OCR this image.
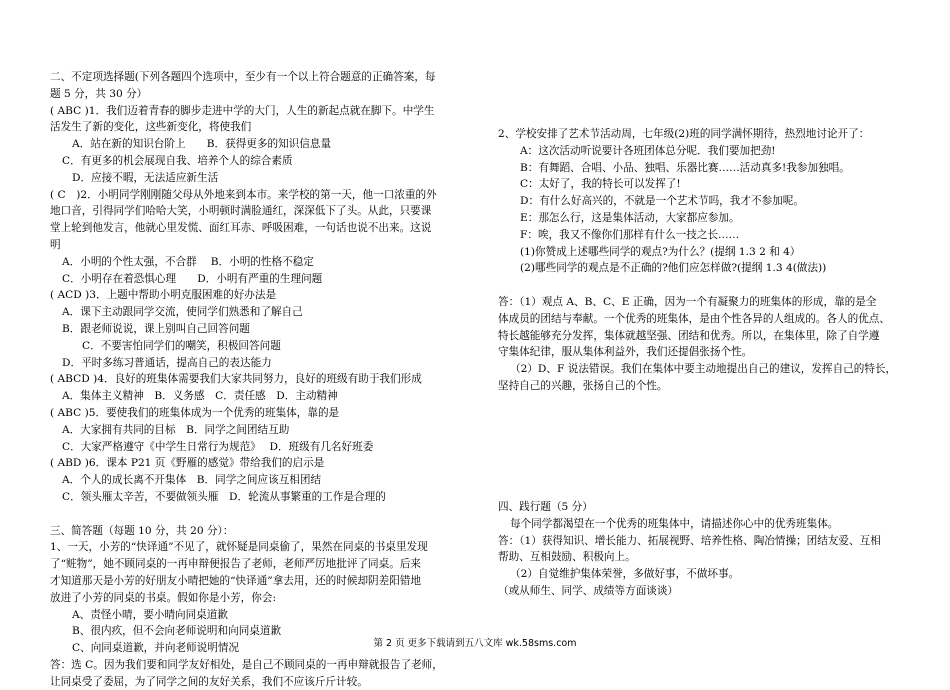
二、不定项选择题(下列各题四个选项中，至少有一个以上符合题意的正确答案，每
题 5 分，共 30 分）
( ABC )1．我们迈着青春的脚步走进中学的大门，人生的新起点就在脚下。中学生
活发生了新的变化，这些新变化，将使我们
A．站在新的知识台阶上　　B．获得更多的知识信息量
C．有更多的机会展现自我、培养个人的综合素质
D．应接不暇，无法适应新生活
( C　)2．小明同学刚刚随父母从外地来到本市。来学校的第一天，他一口浓重的外
地口音，引得同学们哈哈大笑，小明顿时满脸通红，深深低下了头。从此，只要课
堂上轮到他发言，他就心里发慌、面红耳赤、呼吸困难，一句话也说不出来。这说
明
A．小明的个性太强，不合群　 B．小明的性格不稳定
C．小明存在着恐惧心理　　D．小明有严重的生理问题
( ACD )3．上题中帮助小明克服困难的好办法是
A．课下主动跟同学交流，使同学们熟悉和了解自己
B．跟老师说说，课上别叫自己回答问题
C．不要害怕同学们的嘲笑，积极回答问题
D．平时多练习普通话，提高自己的表达能力
( ABCD )4．良好的班集体需要我们大家共同努力，良好的班级有助于我们形成
A．集体主义精神　B．义务感　C．责任感　D．主动精神
( ABC )5．要使我们的班集体成为一个优秀的班集体，靠的是
A．大家拥有共同的目标　B．同学之间团结互助
C．大家严格遵守《中学生日常行为规范》　 D．班级有几名好班委
( ABD )6．课本 P21 页《野雁的感觉》带给我们的启示是
A．个人的成长离不开集体　B．同学之间应该互相团结
C．领头雁太辛苦，不要做领头雁　D．轮流从事繁重的工作是合理的
三、简答题（每题 10 分，共 20 分）：
1、一天，小芳的“快译通”不见了，就怀疑是同桌偷了，果然在同桌的书桌里发现
了“赃物”，她不顾同桌的一再申辩便报告了老师，老师严厉地批评了同桌。后来
才知道那天是小芳的好朋友小晴把她的“快译通”拿去用，还的时候却阴差阳错地
放进了小芳的同桌的书桌。假如你是小芳，你会:
A、责怪小晴，要小晴向同桌道歉
B、很内疚，但不会向老师说明和向同桌道歉
C、向同桌道歉，并向老师说明情况
答：选 C。因为我们要和同学友好相处，是自己不顾同桌的一再申辩就报告了老师，
让同桌受了委屈，为了同学之间的友好关系，我们不应该斤斤计较。
2、学校安排了艺术节活动周，七年级(2)班的同学满怀期待，热烈地讨论开了：
A：这次活动听说要计各班团体总分呢．我们要加把劲!
B：有舞蹈、合唱、小品、独唱、乐器比赛……活动真多!我参加独唱。
C：太好了，我的特长可以发挥了!
D：有什么好高兴的，不就是一个艺术节吗，我才不参加呢。
E：那怎么行，这是集体活动，大家都应参加。
F：唉，我又不像你们那样有什么一技之长……
(1)你赞成上述哪些同学的观点?为什么？(提纲 1.3 2 和 4）
(2)哪些同学的观点是不正确的?他们应怎样做?(提纲 1.3 4(做法))
答：（1）观点 A、B、C、E 正确，因为一个有凝聚力的班集体的形成，靠的是全
体成员的团结与奉献。一个优秀的班集体，是由个性各异的人组成的。各人的优点、
特长越能够充分发挥，集体就越坚强、团结和优秀。所以，在集体里，除了自学遵
守集体纪律，服从集体利益外，我们还提倡张扬个性。
（2）D、F 说法错误。我们在集体中要主动地提出自己的建议，发挥自己的特长，
坚持自己的兴趣，张扬自己的个性。
四、践行题（5 分）
每个同学都渴望在一个优秀的班集体中，请描述你心中的优秀班集体。
答：（1）获得知识、增长能力、拓展视野、培养性格、陶冶情操；团结友爱、互相
帮助、互相鼓励、积极向上。
（2）自觉维护集体荣誉，多做好事，不做坏事。
（或从师生、同学、成绩等方面谈谈）
第 2 页 更多下载请到五八文库 wk.58sms.com
